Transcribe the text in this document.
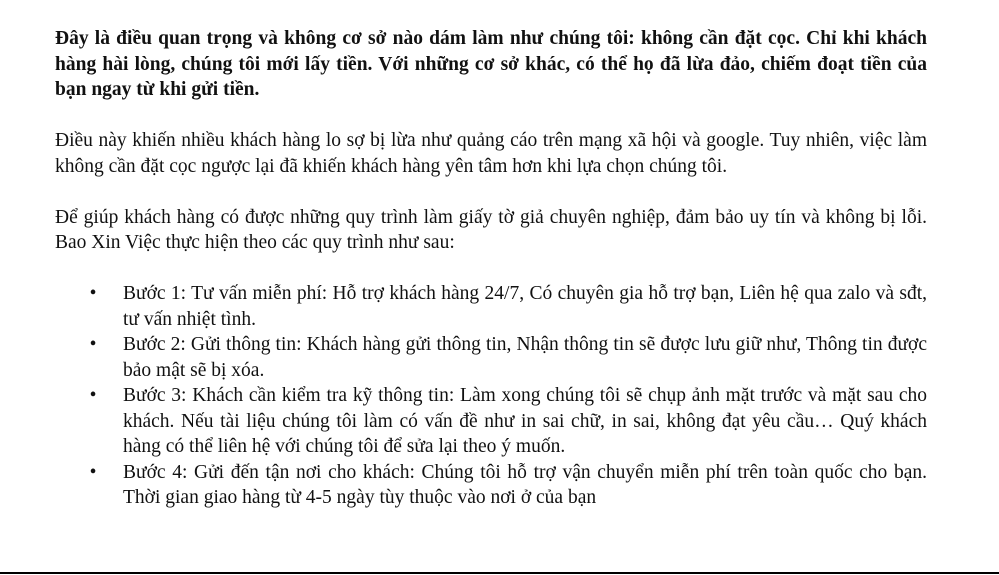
Đây là điều quan trọng và không cơ sở nào dám làm như chúng tôi: không cần đặt cọc. Chỉ khi khách hàng hài lòng, chúng tôi mới lấy tiền. Với những cơ sở khác, có thể họ đã lừa đảo, chiếm đoạt tiền của bạn ngay từ khi gửi tiền.

Điều này khiến nhiều khách hàng lo sợ bị lừa như quảng cáo trên mạng xã hội và google. Tuy nhiên, việc làm không cần đặt cọc ngược lại đã khiến khách hàng yên tâm hơn khi lựa chọn chúng tôi.

Để giúp khách hàng có được những quy trình làm giấy tờ giả chuyên nghiệp, đảm bảo uy tín và không bị lỗi. Bao Xin Việc thực hiện theo các quy trình như sau:

• Bước 1: Tư vấn miễn phí: Hỗ trợ khách hàng 24/7, Có chuyên gia hỗ trợ bạn, Liên hệ qua zalo và sđt, tư vấn nhiệt tình.
• Bước 2: Gửi thông tin: Khách hàng gửi thông tin, Nhận thông tin sẽ được lưu giữ như, Thông tin được bảo mật sẽ bị xóa.
• Bước 3: Khách cần kiểm tra kỹ thông tin: Làm xong chúng tôi sẽ chụp ảnh mặt trước và mặt sau cho khách. Nếu tài liệu chúng tôi làm có vấn đề như in sai chữ, in sai, không đạt yêu cầu… Quý khách hàng có thể liên hệ với chúng tôi để sửa lại theo ý muốn.
• Bước 4: Gửi đến tận nơi cho khách: Chúng tôi hỗ trợ vận chuyển miễn phí trên toàn quốc cho bạn. Thời gian giao hàng từ 4-5 ngày tùy thuộc vào nơi ở của bạn
